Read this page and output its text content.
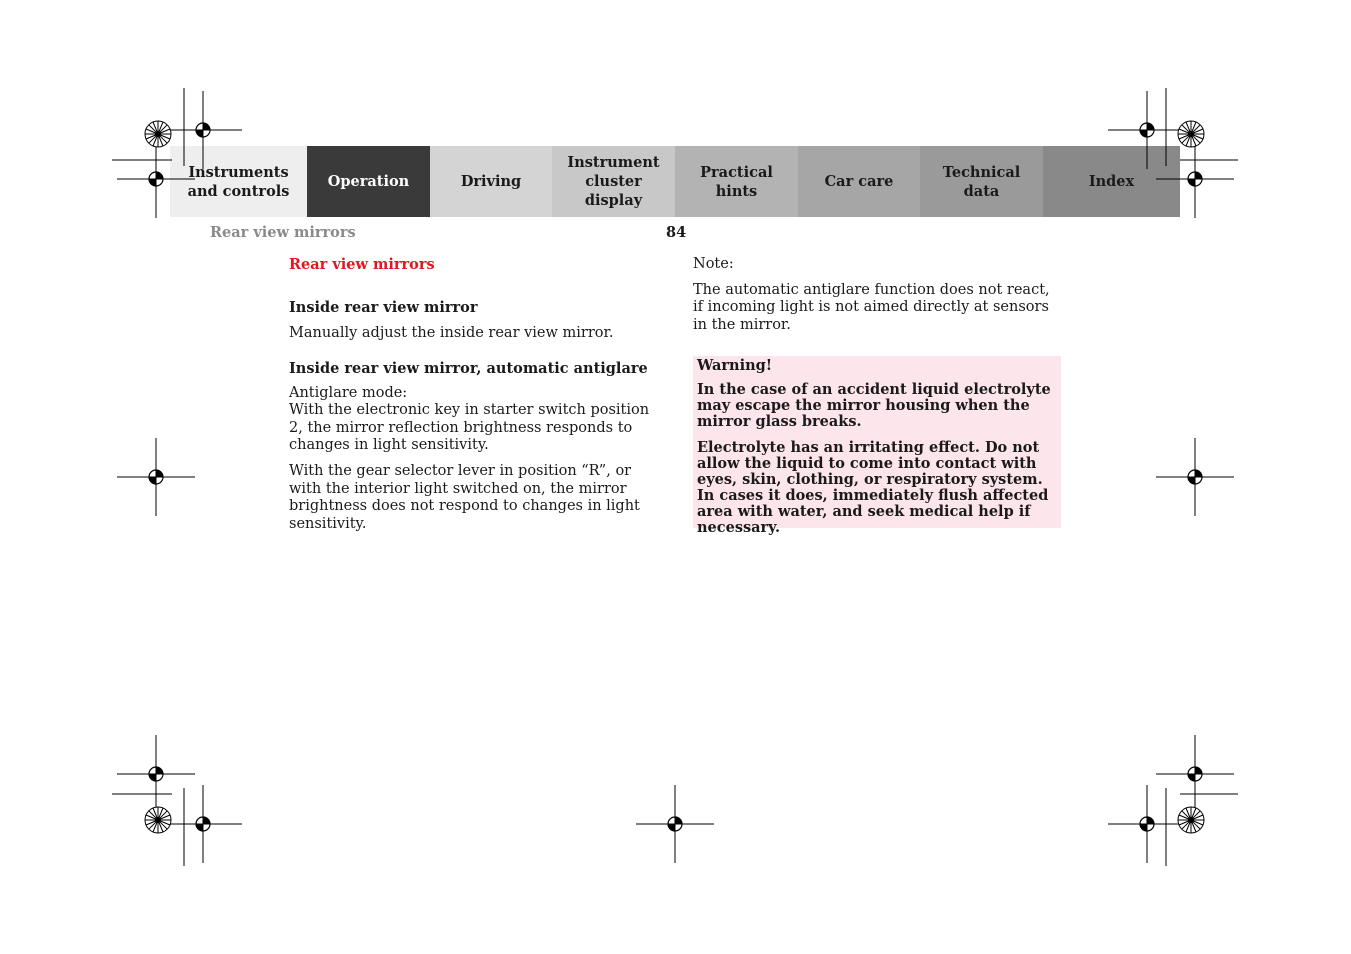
Instruments
and controls
Operation	Driving
Instrument
cluster display
Practical hints
Car care
Technical
data
Index
Rear view mirrors	84

Rear view mirrors

Inside rear view mirror

Manually adjust the inside rear view mirror.

Inside rear view mirror, automatic antiglare

Antiglare mode:

With the electronic key in starter switch position 2, the mirror reflection brightness responds to changes in light sensitivity.

With the gear selector lever in position “R”, or with the interior light switched on, the mirror brightness does not respond to changes in light sensitivity.

Note:

The automatic antiglare function does not react, if incoming light is not aimed directly at sensors in the mirror.

Warning!

In the case of an accident liquid electrolyte may escape the mirror housing when the mirror glass breaks.

Electrolyte has an irritating effect. Do not allow the liquid to come into contact with eyes, skin, clothing, or respiratory system. In cases it does, immediately flush affected area with water, and seek medical help if necessary.
